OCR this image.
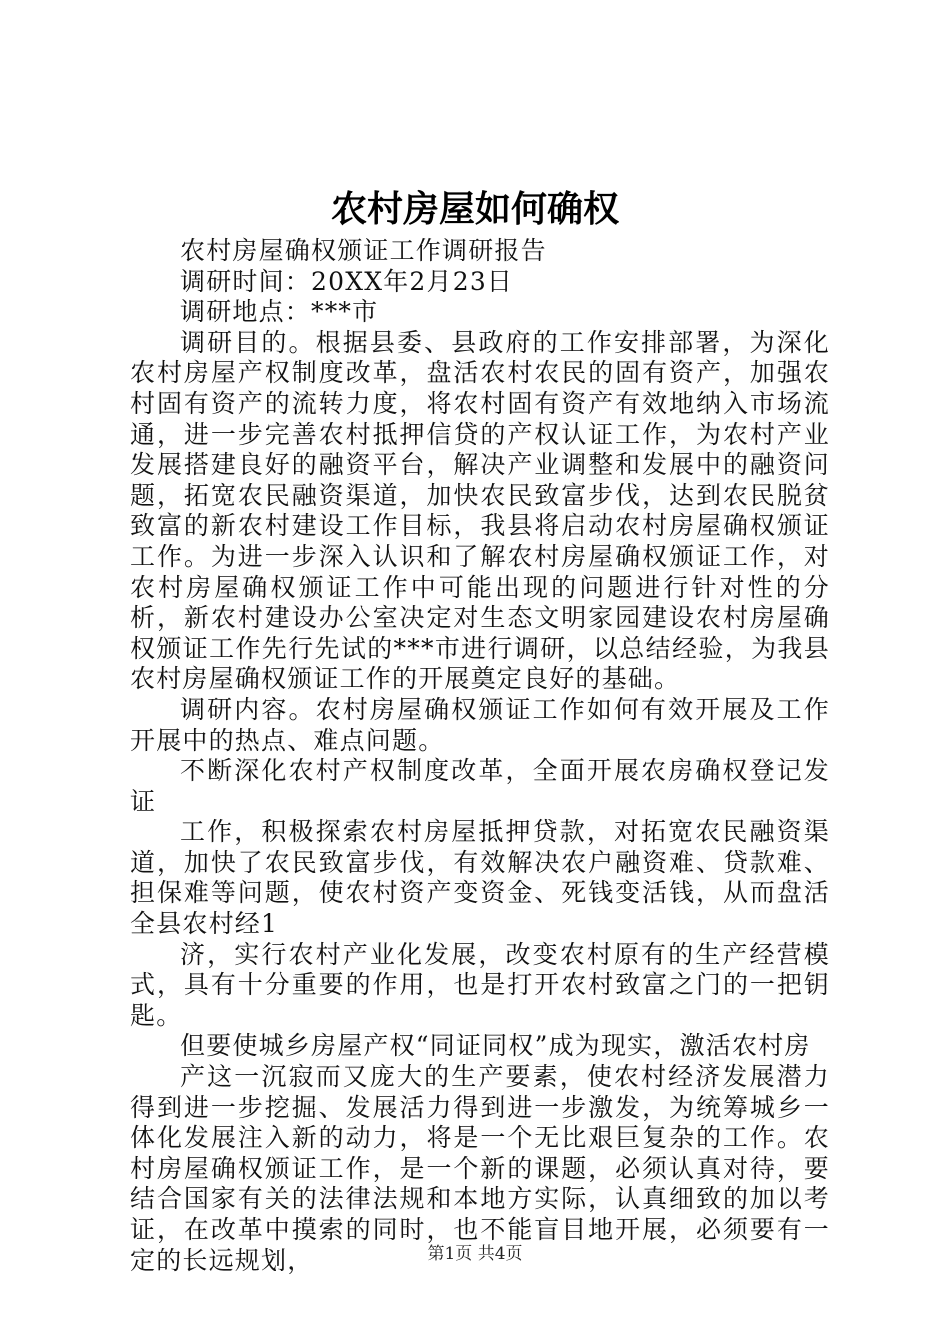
农村房屋如何确权

农村房屋确权颁证工作调研报告

调研时间：20XX年2月23日

调研地点：***市

调研目的。根据县委、县政府的工作安排部署，为深化农村房屋产权制度改革，盘活农村农民的固有资产，加强农村固有资产的流转力度，将农村固有资产有效地纳入市场流通，进一步完善农村抵押信贷的产权认证工作，为农村产业发展搭建良好的融资平台，解决产业调整和发展中的融资问题，拓宽农民融资渠道，加快农民致富步伐，达到农民脱贫致富的新农村建设工作目标，我县将启动农村房屋确权颁证工作。为进一步深入认识和了解农村房屋确权颁证工作，对农村房屋确权颁证工作中可能出现的问题进行针对性的分析，新农村建设办公室决定对生态文明家园建设农村房屋确权颁证工作先行先试的***市进行调研，以总结经验，为我县农村房屋确权颁证工作的开展奠定良好的基础。

调研内容。农村房屋确权颁证工作如何有效开展及工作开展中的热点、难点问题。

不断深化农村产权制度改革，全面开展农房确权登记发证

工作，积极探索农村房屋抵押贷款，对拓宽农民融资渠道，加快了农民致富步伐，有效解决农户融资难、贷款难、担保难等问题，使农村资产变资金、死钱变活钱，从而盘活全县农村经1

济，实行农村产业化发展，改变农村原有的生产经营模式，具有十分重要的作用，也是打开农村致富之门的一把钥匙。

但要使城乡房屋产权“同证同权”成为现实，激活农村房

产这一沉寂而又庞大的生产要素，使农村经济发展潜力得到进一步挖掘、发展活力得到进一步激发，为统筹城乡一体化发展注入新的动力，将是一个无比艰巨复杂的工作。农村房屋确权颁证工作，是一个新的课题，必须认真对待，要结合国家有关的法律法规和本地方实际，认真细致的加以考证，在改革中摸索的同时，也不能盲目地开展，必须要有一定的长远规划，	第1页 共4页
